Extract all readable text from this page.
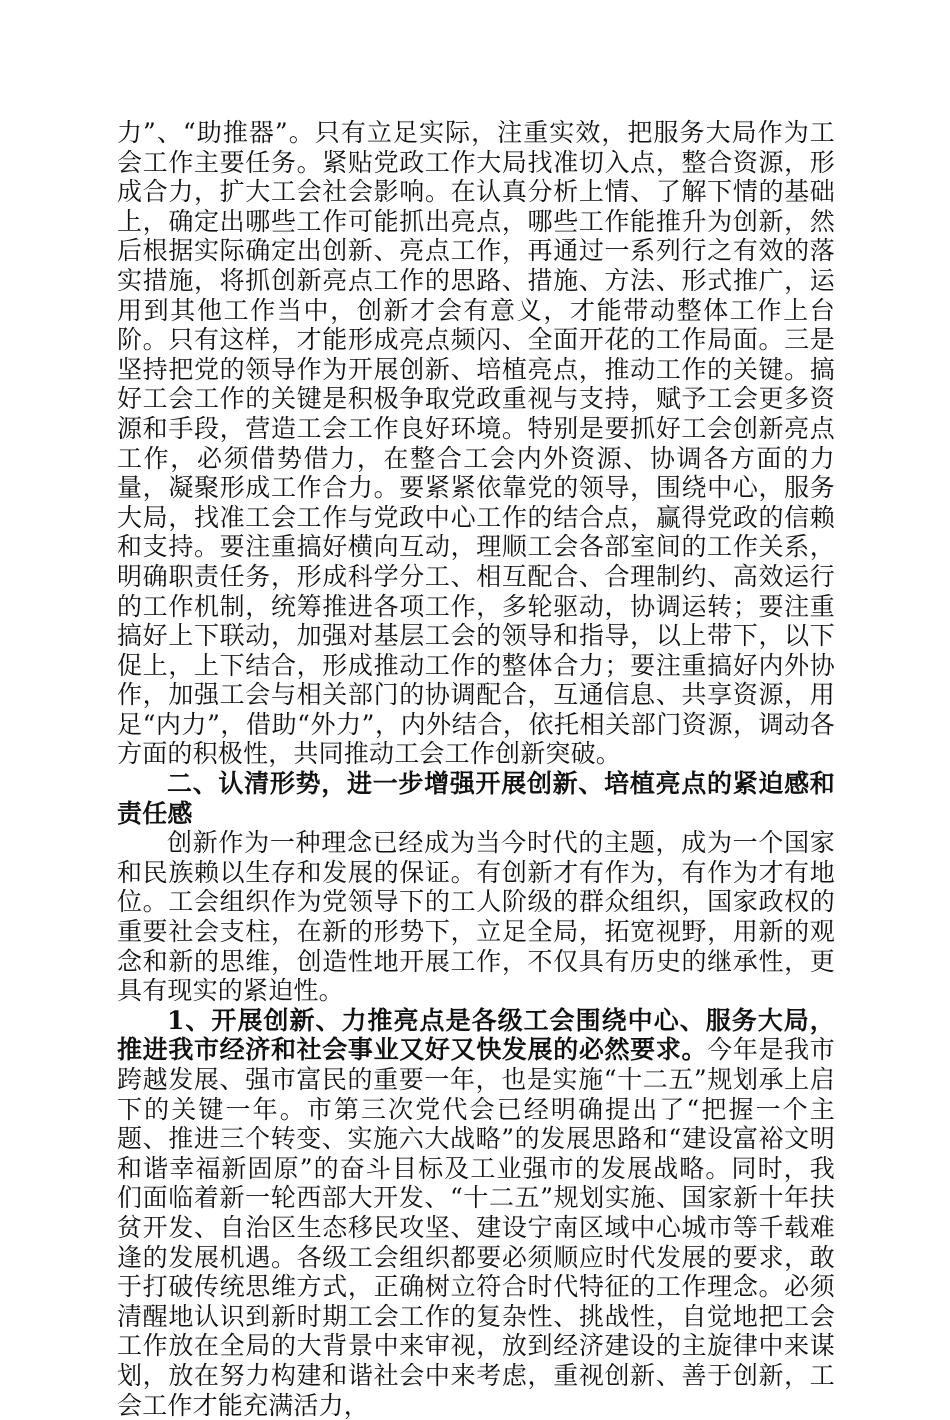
力”、“助推器”。只有立足实际，注重实效，把服务大局作为工会工作主要任务。紧贴党政工作大局找准切入点，整合资源，形成合力，扩大工会社会影响。在认真分析上情、了解下情的基础上，确定出哪些工作可能抓出亮点，哪些工作能推升为创新，然后根据实际确定出创新、亮点工作，再通过一系列行之有效的落实措施，将抓创新亮点工作的思路、措施、方法、形式推广，运用到其他工作当中，创新才会有意义，才能带动整体工作上台阶。只有这样，才能形成亮点频闪、全面开花的工作局面。三是坚持把党的领导作为开展创新、培植亮点，推动工作的关键。搞好工会工作的关键是积极争取党政重视与支持，赋予工会更多资源和手段，营造工会工作良好环境。特别是要抓好工会创新亮点工作，必须借势借力，在整合工会内外资源、协调各方面的力量，凝聚形成工作合力。要紧紧依靠党的领导，围绕中心，服务大局，找准工会工作与党政中心工作的结合点，赢得党政的信赖和支持。要注重搞好横向互动，理顺工会各部室间的工作关系，明确职责任务，形成科学分工、相互配合、合理制约、高效运行的工作机制，统筹推进各项工作，多轮驱动，协调运转；要注重搞好上下联动，加强对基层工会的领导和指导，以上带下，以下促上，上下结合，形成推动工作的整体合力；要注重搞好内外协作，加强工会与相关部门的协调配合，互通信息、共享资源，用足“内力”，借助“外力”，内外结合，依托相关部门资源，调动各方面的积极性，共同推动工会工作创新突破。

二、认清形势，进一步增强开展创新、培植亮点的紧迫感和责任感

创新作为一种理念已经成为当今时代的主题，成为一个国家和民族赖以生存和发展的保证。有创新才有作为，有作为才有地位。工会组织作为党领导下的工人阶级的群众组织，国家政权的重要社会支柱，在新的形势下，立足全局，拓宽视野，用新的观念和新的思维，创造性地开展工作，不仅具有历史的继承性，更具有现实的紧迫性。

1、开展创新、力推亮点是各级工会围绕中心、服务大局，推进我市经济和社会事业又好又快发展的必然要求。今年是我市跨越发展、强市富民的重要一年，也是实施“十二五”规划承上启下的关键一年。市第三次党代会已经明确提出了“把握一个主题、推进三个转变、实施六大战略”的发展思路和“建设富裕文明和谐幸福新固原”的奋斗目标及工业强市的发展战略。同时，我们面临着新一轮西部大开发、“十二五”规划实施、国家新十年扶贫开发、自治区生态移民攻坚、建设宁南区域中心城市等千载难逢的发展机遇。各级工会组织都要必须顺应时代发展的要求，敢于打破传统思维方式，正确树立符合时代特征的工作理念。必须清醒地认识到新时期工会工作的复杂性、挑战性，自觉地把工会工作放在全局的大背景中来审视，放到经济建设的主旋律中来谋划，放在努力构建和谐社会中来考虑，重视创新、善于创新，工会工作才能充满活力，
